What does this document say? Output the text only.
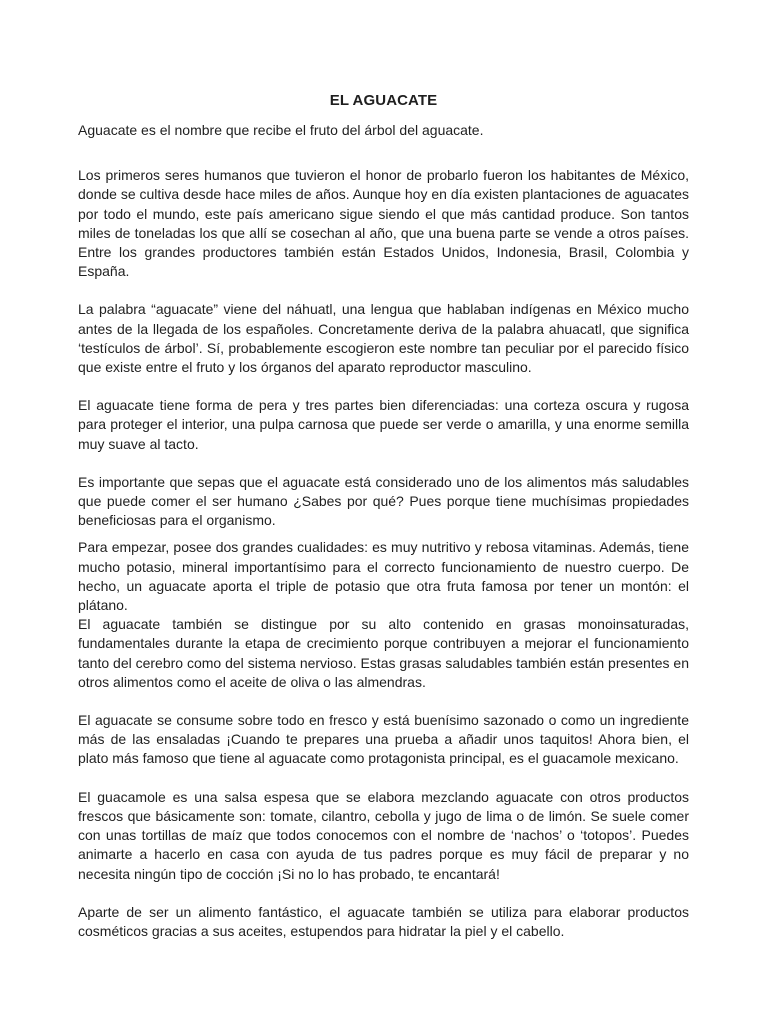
EL AGUACATE

Aguacate es el nombre que recibe el fruto del árbol del aguacate.

Los primeros seres humanos que tuvieron el honor de probarlo fueron los habitantes de México, donde se cultiva desde hace miles de años. Aunque hoy en día existen plantaciones de aguacates por todo el mundo, este país americano sigue siendo el que más cantidad produce. Son tantos miles de toneladas los que allí se cosechan al año, que una buena parte se vende a otros países. Entre los grandes productores también están Estados Unidos, Indonesia, Brasil, Colombia y España.

La palabra “aguacate” viene del náhuatl, una lengua que hablaban indígenas en México mucho antes de la llegada de los españoles. Concretamente deriva de la palabra ahuacatl, que significa ‘testículos de árbol’. Sí, probablemente escogieron este nombre tan peculiar por el parecido físico que existe entre el fruto y los órganos del aparato reproductor masculino.

El aguacate tiene forma de pera y tres partes bien diferenciadas: una corteza oscura y rugosa para proteger el interior, una pulpa carnosa que puede ser verde o amarilla, y una enorme semilla muy suave al tacto.

Es importante que sepas que el aguacate está considerado uno de los alimentos más saludables que puede comer el ser humano ¿Sabes por qué? Pues porque tiene muchísimas propiedades beneficiosas para el organismo.

Para empezar, posee dos grandes cualidades: es muy nutritivo y rebosa vitaminas. Además, tiene mucho potasio, mineral importantísimo para el correcto funcionamiento de nuestro cuerpo. De hecho, un aguacate aporta el triple de potasio que otra fruta famosa por tener un montón: el plátano.

El aguacate también se distingue por su alto contenido en grasas monoinsaturadas, fundamentales durante la etapa de crecimiento porque contribuyen a mejorar el funcionamiento tanto del cerebro como del sistema nervioso. Estas grasas saludables también están presentes en otros alimentos como el aceite de oliva o las almendras.

El aguacate se consume sobre todo en fresco y está buenísimo sazonado o como un ingrediente más de las ensaladas ¡Cuando te prepares una prueba a añadir unos taquitos! Ahora bien, el plato más famoso que tiene al aguacate como protagonista principal, es el guacamole mexicano.

El guacamole es una salsa espesa que se elabora mezclando aguacate con otros productos frescos que básicamente son: tomate, cilantro, cebolla y jugo de lima o de limón. Se suele comer con unas tortillas de maíz que todos conocemos con el nombre de ‘nachos’ o ‘totopos’. Puedes animarte a hacerlo en casa con ayuda de tus padres porque es muy fácil de preparar y no necesita ningún tipo de cocción ¡Si no lo has probado, te encantará!

Aparte de ser un alimento fantástico, el aguacate también se utiliza para elaborar productos cosméticos gracias a sus aceites, estupendos para hidratar la piel y el cabello.
